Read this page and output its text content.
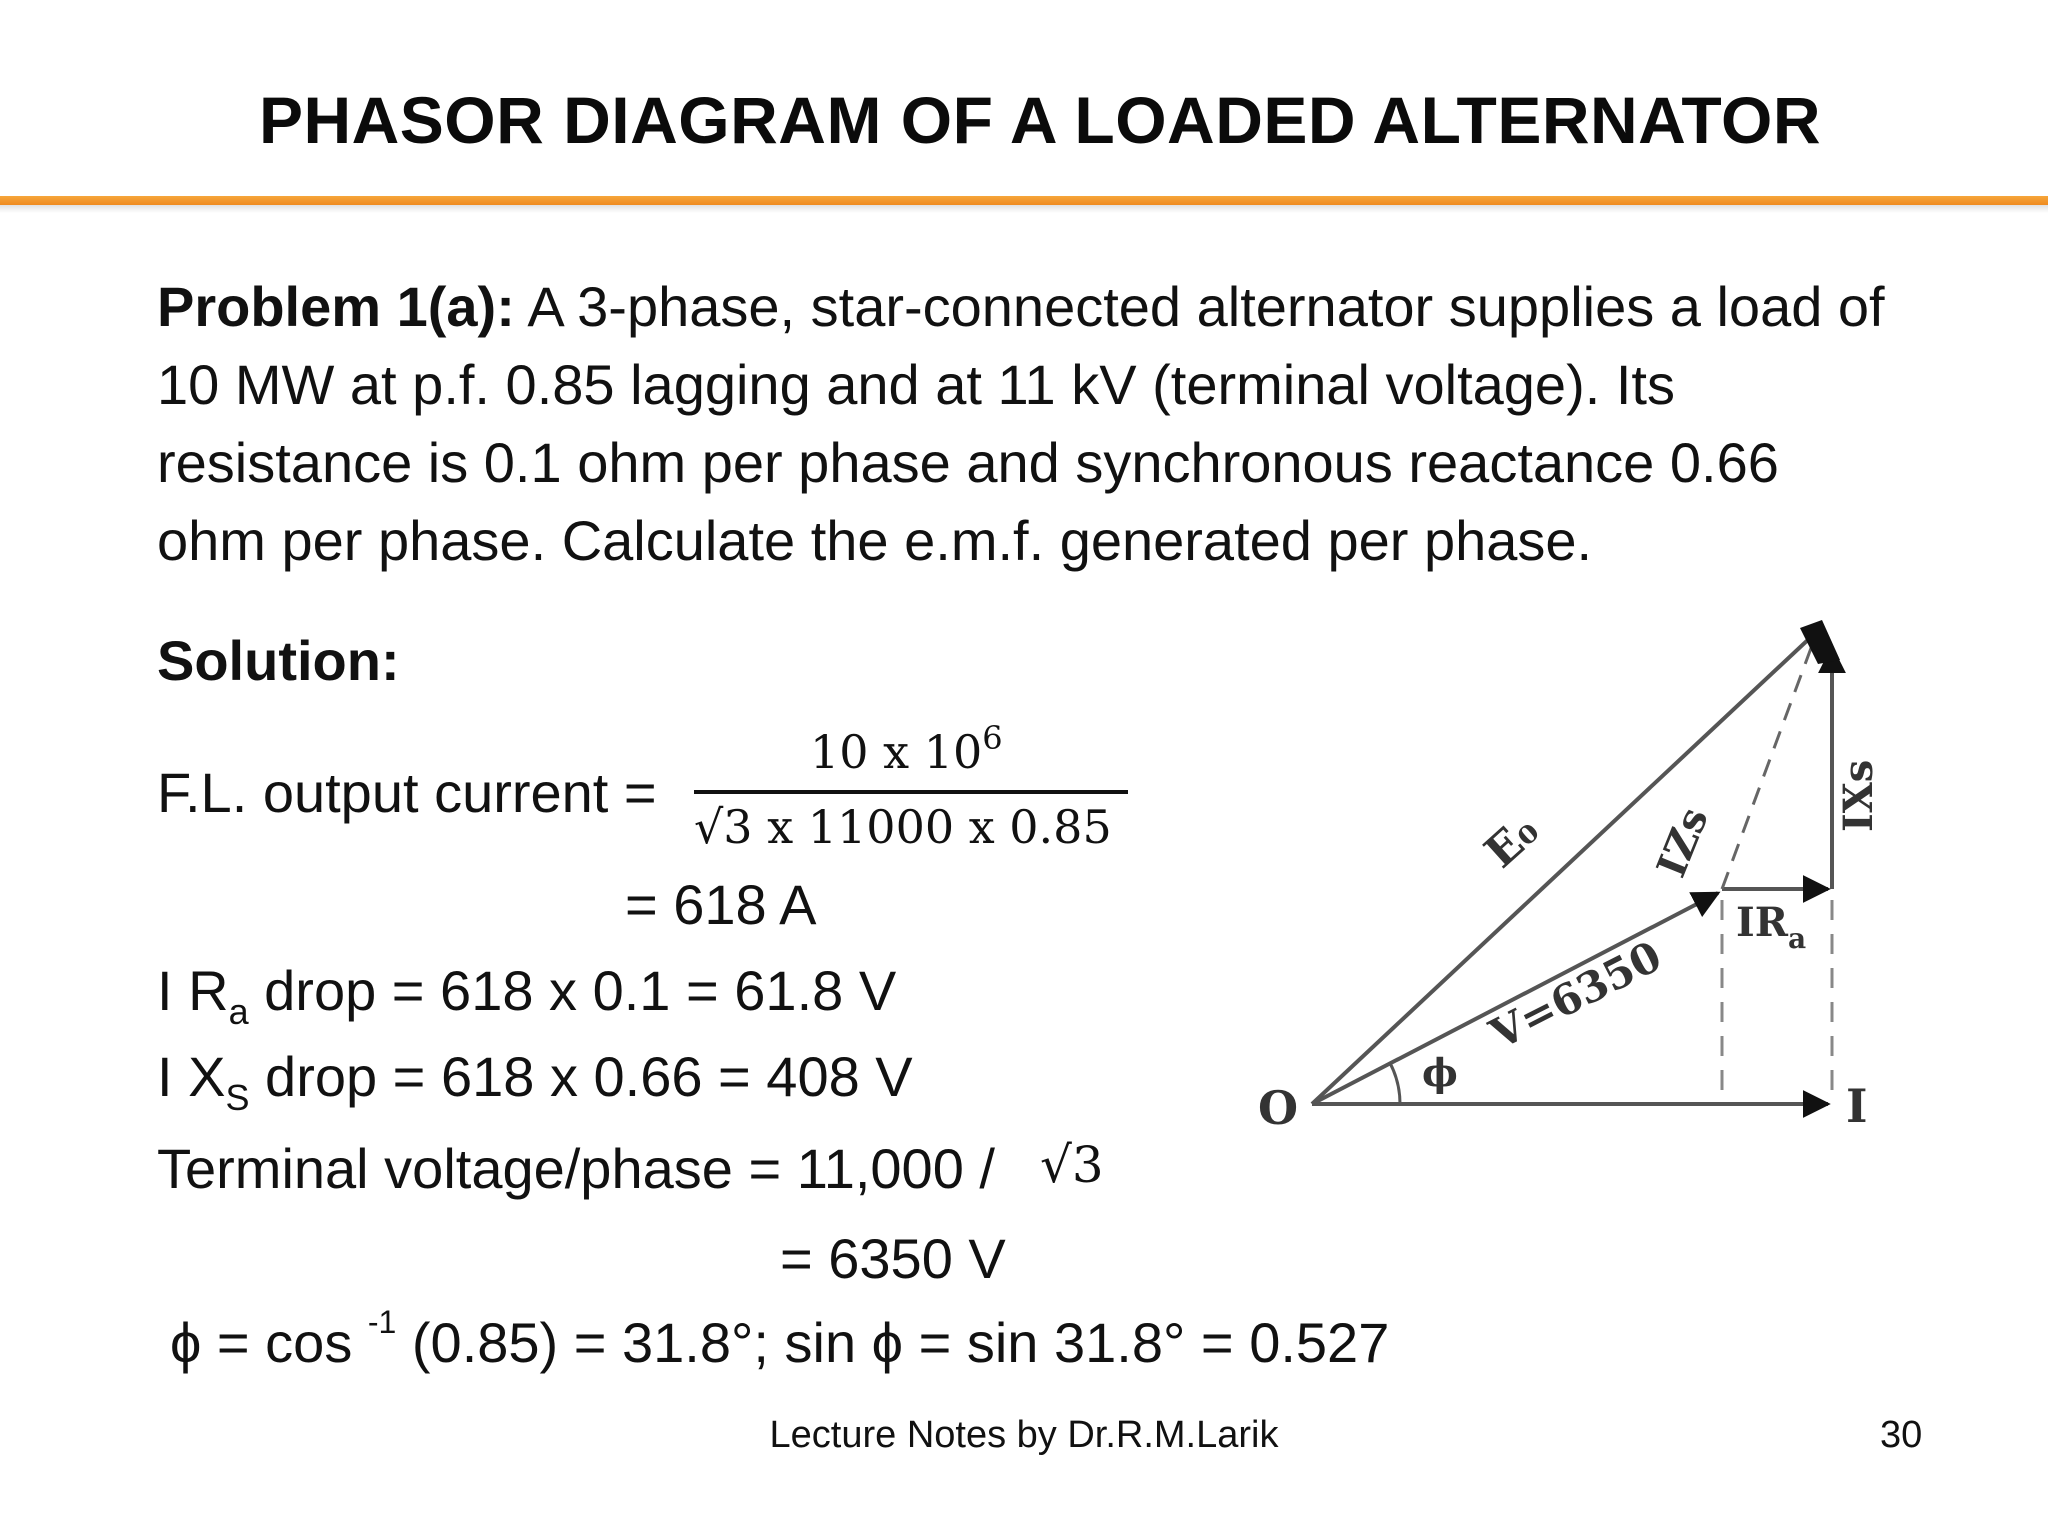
PHASOR DIAGRAM OF A LOADED ALTERNATOR
Problem 1(a): A 3-phase, star-connected alternator supplies a load of 10 MW at p.f. 0.85 lagging and at 11 kV (terminal voltage). Its resistance is 0.1 ohm per phase and synchronous reactance 0.66 ohm per phase. Calculate the e.m.f. generated per phase.
Solution:
F.L. output current =
10 x $10^6$
√3 x 11000 x 0.85
= 618 A
I $R_a$ drop = 618 x 0.1 = 61.8 V
I $X_S$ drop = 618 x 0.66 = 408 V
Terminal voltage/phase = 11,000 / √3
= 6350 V
ϕ = cos $^{-1}$ (0.85) = 31.8°; sin ϕ = sin 31.8° = 0.527
O	I
ϕ
V=6350
E₀ IZs
IXs
$IR_a$
Lecture Notes by Dr.R.M.Larik	30
